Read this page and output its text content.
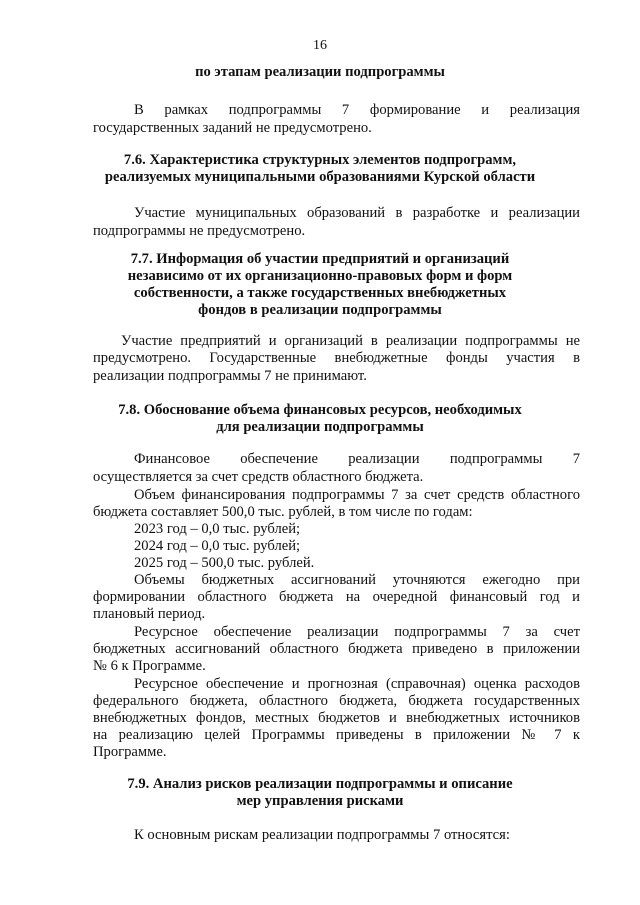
16
по этапам реализации подпрограммы
В рамках подпрограммы 7 формирование и реализация
государственных заданий не предусмотрено.
7.6. Характеристика структурных элементов подпрограмм,
реализуемых муниципальными образованиями Курской области
Участие муниципальных образований в разработке и реализации
подпрограммы не предусмотрено.
7.7. Информация об участии предприятий и организаций
независимо от их организационно-правовых форм и форм
собственности, а также государственных внебюджетных
фондов в реализации подпрограммы
Участие предприятий и организаций в реализации подпрограммы не
предусмотрено. Государственные внебюджетные фонды участия в
реализации подпрограммы 7 не принимают.
7.8. Обоснование объема финансовых ресурсов, необходимых
для реализации подпрограммы
Финансовое обеспечение реализации подпрограммы 7
осуществляется за счет средств областного бюджета.
Объем финансирования подпрограммы 7 за счет средств областного
бюджета составляет 500,0 тыс. рублей, в том числе по годам:
2023 год – 0,0 тыс. рублей;
2024 год – 0,0 тыс. рублей;
2025 год – 500,0 тыс. рублей.
Объемы бюджетных ассигнований уточняются ежегодно при
формировании областного бюджета на очередной финансовый год и
плановый период.
Ресурсное обеспечение реализации подпрограммы 7 за счет
бюджетных ассигнований областного бюджета приведено в приложении
№ 6 к Программе.
Ресурсное обеспечение и прогнозная (справочная) оценка расходов
федерального бюджета, областного бюджета, бюджета государственных
внебюджетных фондов, местных бюджетов и внебюджетных источников
на реализацию целей Программы приведены в приложении № 7 к
Программе.
7.9. Анализ рисков реализации подпрограммы и описание
мер управления рисками
К основным рискам реализации подпрограммы 7 относятся:
